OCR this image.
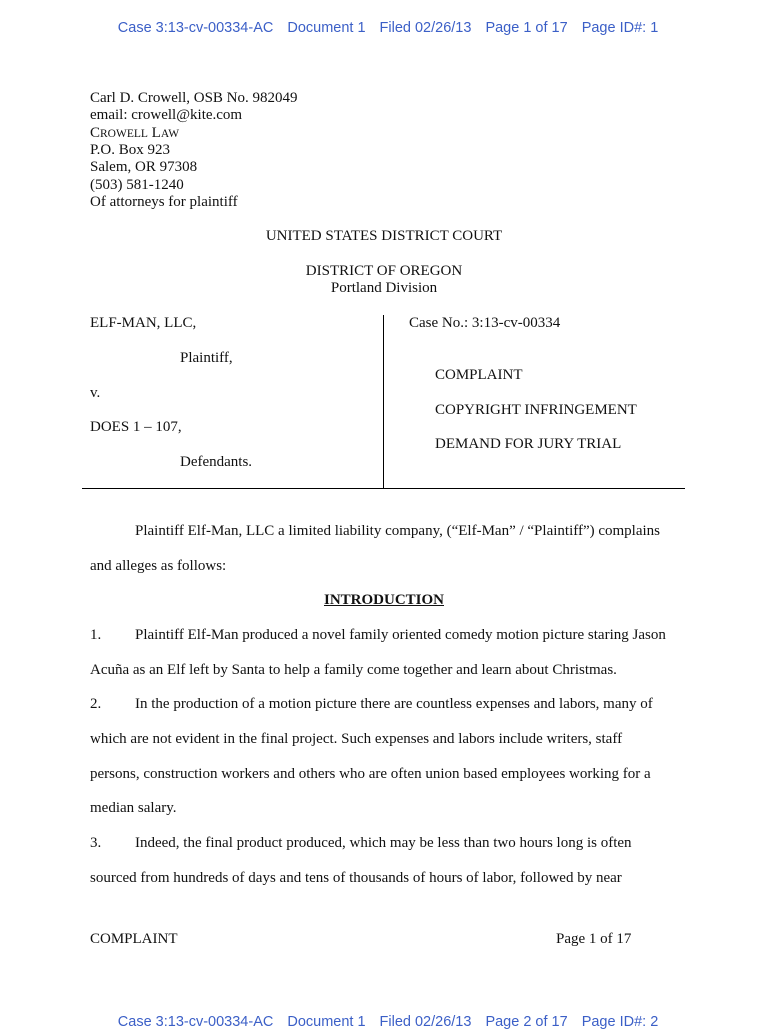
Case 3:13-cv-00334-AC Document 1 Filed 02/26/13 Page 1 of 17 Page ID#: 1

Carl D. Crowell, OSB No. 982049
email: crowell@kite.com
CROWELL LAW
P.O. Box 923
Salem, OR 97308
(503) 581-1240
Of attorneys for plaintiff
UNITED STATES DISTRICT COURT
DISTRICT OF OREGON
Portland Division
ELF-MAN, LLC,
Plaintiff,
v.
DOES 1 – 107,
Defendants.
Case No.: 3:13-cv-00334
COMPLAINT
COPYRIGHT INFRINGEMENT
DEMAND FOR JURY TRIAL
Plaintiff Elf-Man, LLC a limited liability company, (“Elf-Man” / “Plaintiff”) complains
and alleges as follows:
INTRODUCTION
1. Plaintiff Elf-Man produced a novel family oriented comedy motion picture staring Jason
Acuña as an Elf left by Santa to help a family come together and learn about Christmas.
2. In the production of a motion picture there are countless expenses and labors, many of
which are not evident in the final project. Such expenses and labors include writers, staff
persons, construction workers and others who are often union based employees working for a
median salary.
3. Indeed, the final product produced, which may be less than two hours long is often
sourced from hundreds of days and tens of thousands of hours of labor, followed by near
COMPLAINT	Page 1 of 17

Case 3:13-cv-00334-AC Document 1 Filed 02/26/13 Page 2 of 17 Page ID#: 2
